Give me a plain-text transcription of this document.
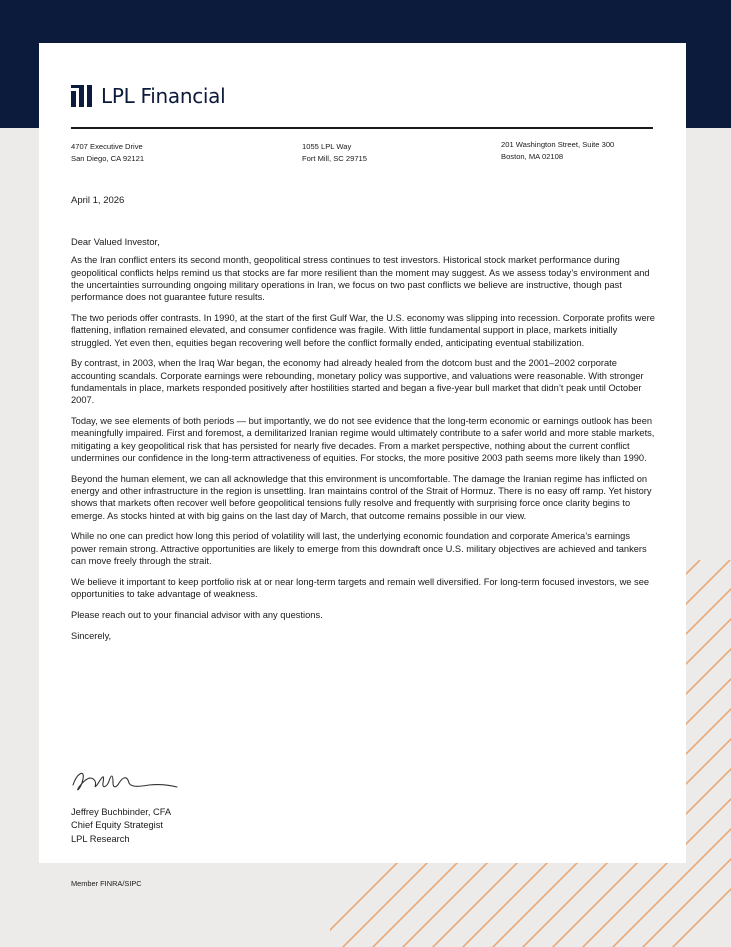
LPL Financial
4707 Executive Drive
San Diego, CA 92121
1055 LPL Way
Fort Mill, SC 29715
201 Washington Street, Suite 300
Boston, MA 02108
April 1, 2026

Dear Valued Investor,

As the Iran conflict enters its second month, geopolitical stress continues to test investors. Historical stock market performance during geopolitical conflicts helps remind us that stocks are far more resilient than the moment may suggest. As we assess today’s environment and the uncertainties surrounding ongoing military operations in Iran, we focus on two past conflicts we believe are instructive, though past performance does not guarantee future results.

The two periods offer contrasts. In 1990, at the start of the first Gulf War, the U.S. economy was slipping into recession. Corporate profits were flattening, inflation remained elevated, and consumer confidence was fragile. With little fundamental support in place, markets initially struggled. Yet even then, equities began recovering well before the conflict formally ended, anticipating eventual stabilization.

By contrast, in 2003, when the Iraq War began, the economy had already healed from the dotcom bust and the 2001–2002 corporate accounting scandals. Corporate earnings were rebounding, monetary policy was supportive, and valuations were reasonable. With stronger fundamentals in place, markets responded positively after hostilities started and began a five-year bull market that didn’t peak until October 2007.

Today, we see elements of both periods — but importantly, we do not see evidence that the long-term economic or earnings outlook has been meaningfully impaired. First and foremost, a demilitarized Iranian regime would ultimately contribute to a safer world and more stable markets, mitigating a key geopolitical risk that has persisted for nearly five decades. From a market perspective, nothing about the current conflict undermines our confidence in the long-term attractiveness of equities. For stocks, the more positive 2003 path seems more likely than 1990.

Beyond the human element, we can all acknowledge that this environment is uncomfortable. The damage the Iranian regime has inflicted on energy and other infrastructure in the region is unsettling. Iran maintains control of the Strait of Hormuz. There is no easy off ramp. Yet history shows that markets often recover well before geopolitical tensions fully resolve and frequently with surprising force once clarity begins to emerge. As stocks hinted at with big gains on the last day of March, that outcome remains possible in our view.

While no one can predict how long this period of volatility will last, the underlying economic foundation and corporate America’s earnings power remain strong. Attractive opportunities are likely to emerge from this downdraft once U.S. military objectives are achieved and tankers can move freely through the strait.

We believe it important to keep portfolio risk at or near long-term targets and remain well diversified. For long-term focused investors, we see opportunities to take advantage of weakness.

Please reach out to your financial advisor with any questions.

Sincerely,

Jeffrey Buchbinder, CFA
Chief Equity Strategist
LPL Research
Member FINRA/SIPC
